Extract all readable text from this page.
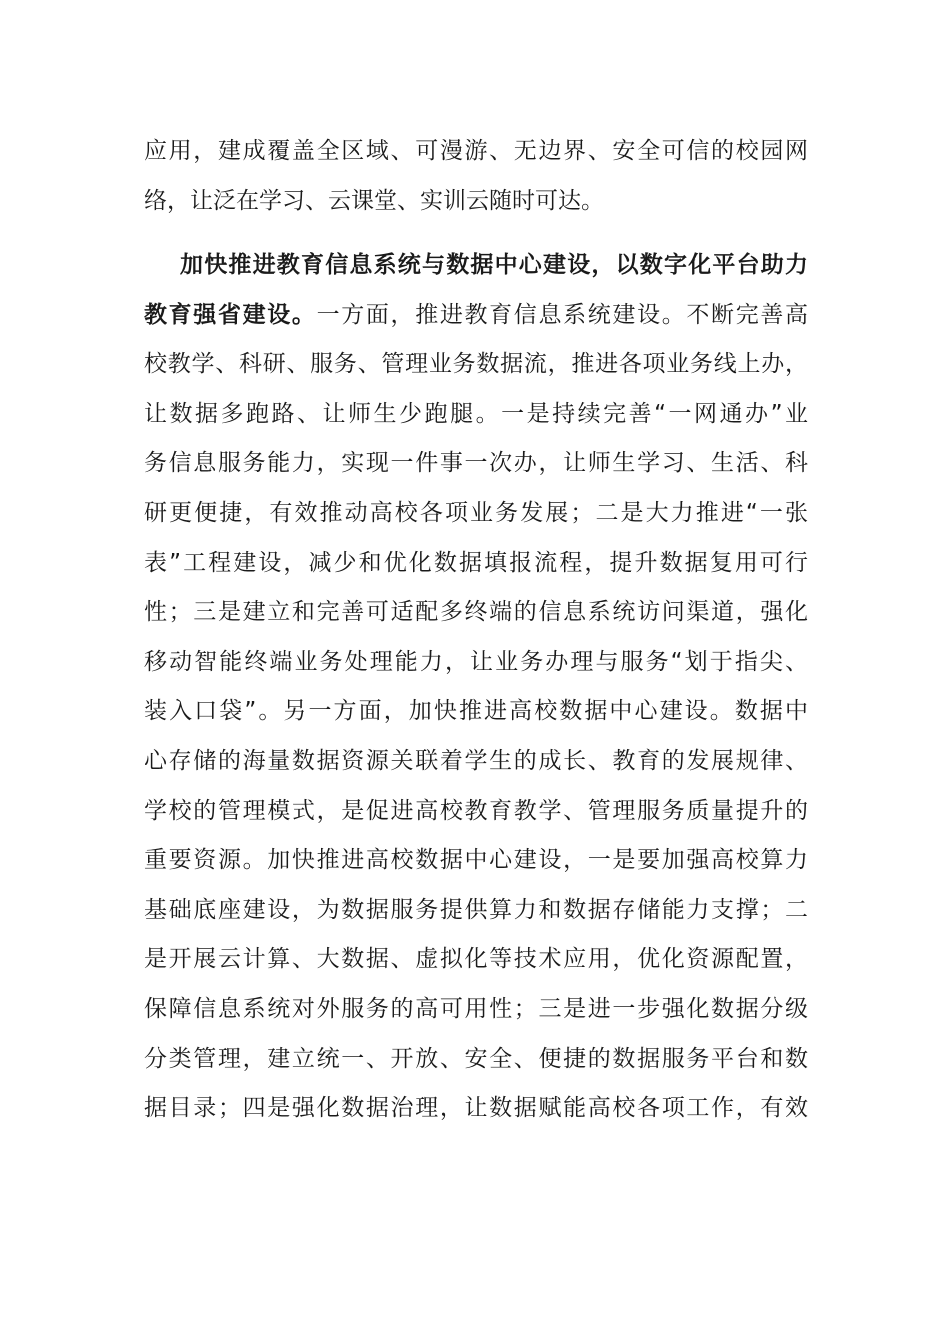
应用，建成覆盖全区域、可漫游、无边界、安全可信的校园网
络，让泛在学习、云课堂、实训云随时可达。
加快推进教育信息系统与数据中心建设，以数字化平台助力
教育强省建设。一方面，推进教育信息系统建设。不断完善高
校教学、科研、服务、管理业务数据流，推进各项业务线上办，
让数据多跑路、让师生少跑腿。一是持续完善“一网通办”业
务信息服务能力，实现一件事一次办，让师生学习、生活、科
研更便捷，有效推动高校各项业务发展；二是大力推进“一张
表”工程建设，减少和优化数据填报流程，提升数据复用可行
性；三是建立和完善可适配多终端的信息系统访问渠道，强化
移动智能终端业务处理能力，让业务办理与服务“划于指尖、
装入口袋”。另一方面，加快推进高校数据中心建设。数据中
心存储的海量数据资源关联着学生的成长、教育的发展规律、
学校的管理模式，是促进高校教育教学、管理服务质量提升的
重要资源。加快推进高校数据中心建设，一是要加强高校算力
基础底座建设，为数据服务提供算力和数据存储能力支撑；二
是开展云计算、大数据、虚拟化等技术应用，优化资源配置，
保障信息系统对外服务的高可用性；三是进一步强化数据分级
分类管理，建立统一、开放、安全、便捷的数据服务平台和数
据目录；四是强化数据治理，让数据赋能高校各项工作，有效
